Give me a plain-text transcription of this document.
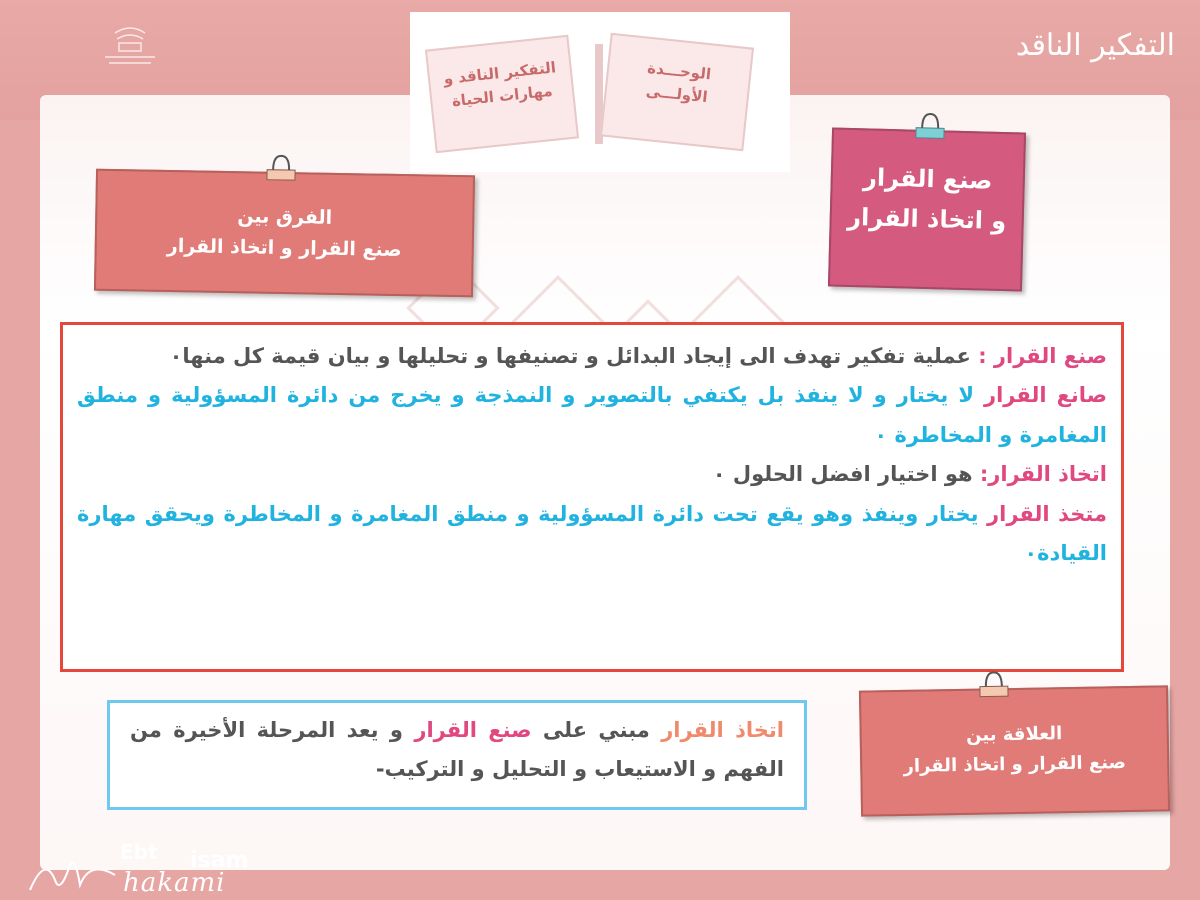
التفكير الناقد
التفكير الناقد و مهارات الحياة
الوحـــدة الأولـــى
الفرق بين
صنع القرار و اتخاذ القرار
صنع القرار
و اتخاذ القرار

صنع القرار : عملية تفكير تهدف الى إيجاد البدائل و تصنيفها و تحليلها و بيان قيمة كل منها٠

صانع القرار لا يختار و لا ينفذ بل يكتفي بالتصوير و النمذجة و يخرج من دائرة المسؤولية و منطق المغامرة و المخاطرة ٠

اتخاذ القرار: هو اختيار افضل الحلول ٠

متخذ القرار يختار وينفذ وهو يقع تحت دائرة المسؤولية و منطق المغامرة و المخاطرة ويحقق مهارة القيادة٠

اتخاذ القرار مبني على صنع القرار و يعد المرحلة الأخيرة من الفهم و الاستيعاب و التحليل و التركيب-

العلاقة بين
صنع القرار و اتخاذ القرار
Ebt isam
hakami
